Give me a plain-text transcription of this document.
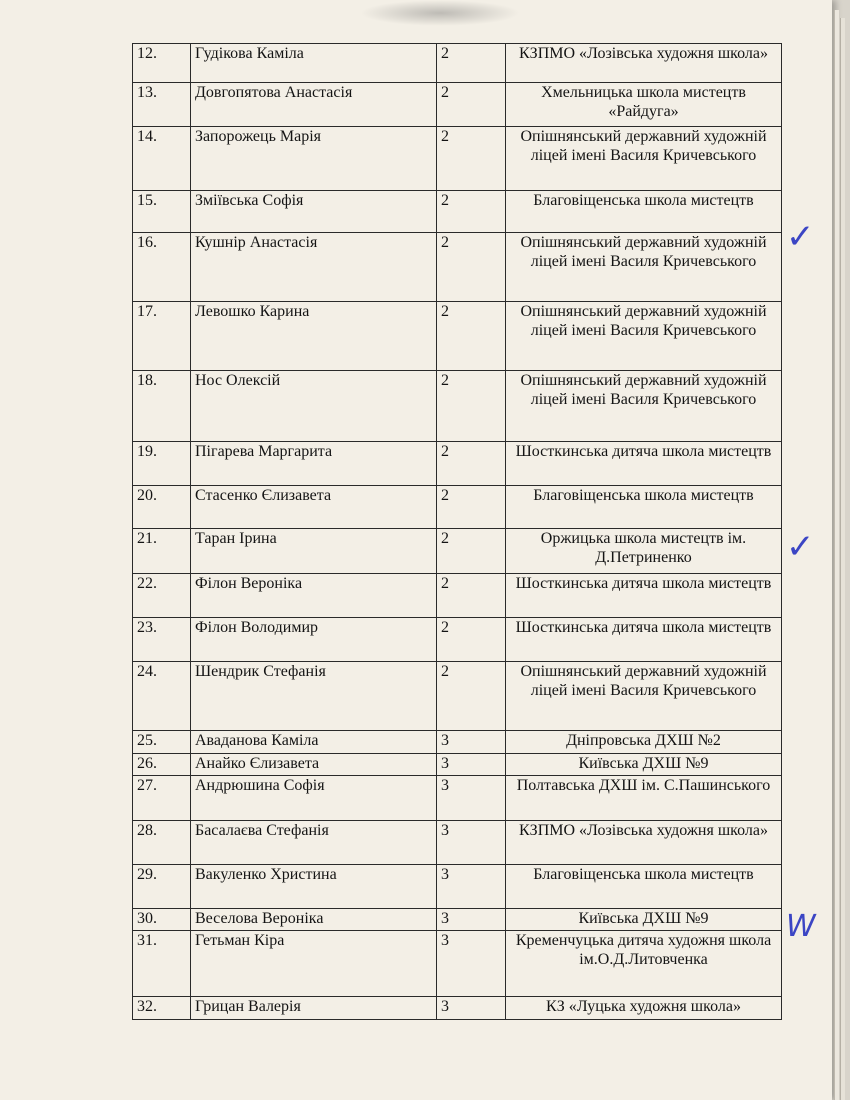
12.	Гудікова Каміла	2	КЗПМО «Лозівська художня школа»
13.	Довгопятова Анастасія	2	Хмельницька школа мистецтв «Райдуга»
14.	Запорожець Марія	2	Опішнянський державний художній ліцей імені Василя Кричевського
15.	Зміївська Софія	2	Благовіщенська школа мистецтв
16.	Кушнір Анастасія	2	Опішнянський державний художній ліцей імені Василя Кричевського
17.	Левошко Карина	2	Опішнянський державний художній ліцей імені Василя Кричевського
18.	Нос Олексій	2	Опішнянський державний художній ліцей імені Василя Кричевського
19.	Пігарева Маргарита	2	Шосткинська дитяча школа мистецтв
20.	Стасенко Єлизавета	2	Благовіщенська школа мистецтв
21.	Таран Ірина	2	Оржицька школа мистецтв ім. Д.Петриненко
22.	Філон Вероніка	2	Шосткинська дитяча школа мистецтв
23.	Філон Володимир	2	Шосткинська дитяча школа мистецтв
24.	Шендрик Стефанія	2	Опішнянський державний художній ліцей імені Василя Кричевського
25.	Аваданова Каміла	3	Дніпровська ДХШ №2
26.	Анайко Єлизавета	3	Київська ДХШ №9
27.	Андрюшина Софія	3	Полтавська ДХШ ім. С.Пашинського
28.	Басалаєва Стефанія	3	КЗПМО «Лозівська художня школа»
29.	Вакуленко Христина	3	Благовіщенська школа мистецтв
30.	Веселова Вероніка	3	Київська ДХШ №9
31.	Гетьман Кіра	3	Кременчуцька дитяча художня школа ім.О.Д.Литовченка
32.	Грицан Валерія	3	КЗ «Луцька художня школа»
✓
✓
W
